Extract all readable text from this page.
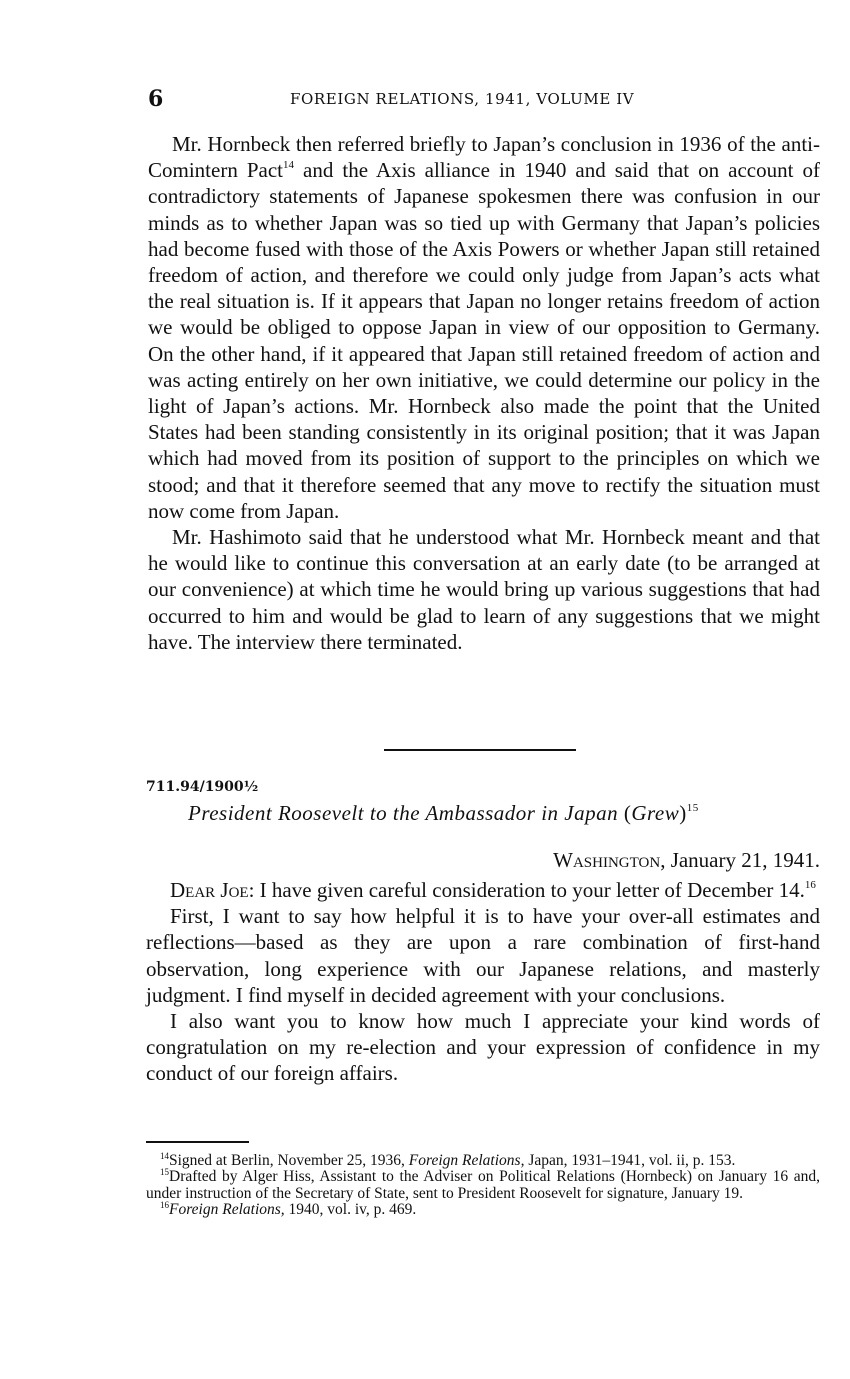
6	FOREIGN RELATIONS, 1941, VOLUME IV

Mr. Hornbeck then referred briefly to Japan’s conclusion in 1936 of the anti-Comintern Pact$^{14}$ and the Axis alliance in 1940 and said that on account of contradictory statements of Japanese spokesmen there was confusion in our minds as to whether Japan was so tied up with Germany that Japan’s policies had become fused with those of the Axis Powers or whether Japan still retained freedom of action, and therefore we could only judge from Japan’s acts what the real situation is. If it appears that Japan no longer retains freedom of action we would be obliged to oppose Japan in view of our opposition to Germany. On the other hand, if it appeared that Japan still retained freedom of action and was acting entirely on her own initiative, we could determine our policy in the light of Japan’s actions. Mr. Hornbeck also made the point that the United States had been standing consistently in its original position; that it was Japan which had moved from its position of support to the principles on which we stood; and that it therefore seemed that any move to rectify the situation must now come from Japan.

Mr. Hashimoto said that he understood what Mr. Hornbeck meant and that he would like to continue this conversation at an early date (to be arranged at our convenience) at which time he would bring up various suggestions that had occurred to him and would be glad to learn of any suggestions that we might have. The interview there terminated.

711.94/1900½
President Roosevelt to the Ambassador in Japan (Grew)$^{15}$
Washington, January 21, 1941.

Dear Joe: I have given careful consideration to your letter of December 14.16

First, I want to say how helpful it is to have your over-all estimates and reflections—based as they are upon a rare combination of first-hand observation, long experience with our Japanese relations, and masterly judgment. I find myself in decided agreement with your conclusions.

I also want you to know how much I appreciate your kind words of congratulation on my re-election and your expression of confidence in my conduct of our foreign affairs.

$^{14}$Signed at Berlin, November 25, 1936, Foreign Relations, Japan, 1931–1941, vol. ii, p. 153.

$^{15}$Drafted by Alger Hiss, Assistant to the Adviser on Political Relations (Hornbeck) on January 16 and, under instruction of the Secretary of State, sent to President Roosevelt for signature, January 19.

$^{16}$Foreign Relations, 1940, vol. iv, p. 469.
